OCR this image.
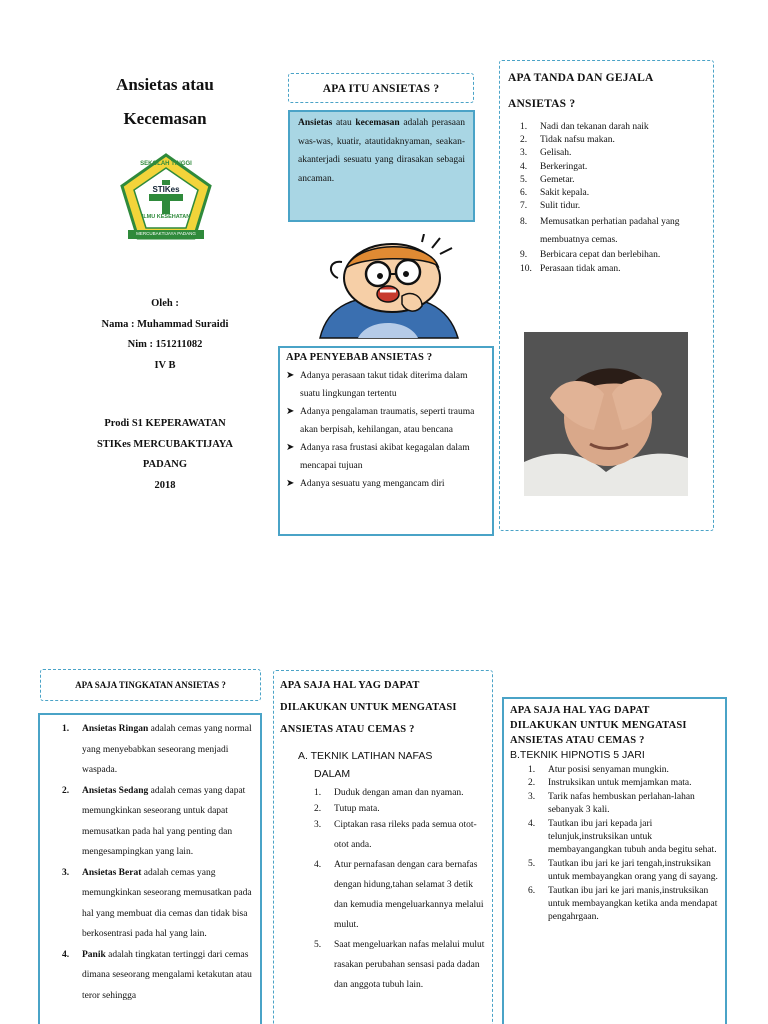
Ansietas atau
Kecemasan
STIKes
SEKOLAH TINGGI
ILMU KESEHATAN
MERCUBAKTIJAYA PADANG
Oleh :
Nama : Muhammad Suraidi
Nim : 151211082
IV B
Prodi S1 KEPERAWATAN
STIKes MERCUBAKTIJAYA
PADANG
2018
APA ITU ANSIETAS ?
Ansietas atau kecemasan adalah perasaan was-was, kuatir, atautidaknyaman, seakan-akanterjadi sesuatu yang dirasakan sebagai ancaman.
APA PENYEBAB ANSIETAS ?
➤ Adanya perasaan takut tidak diterima dalam suatu lingkungan tertentu
➤ Adanya pengalaman traumatis, seperti trauma akan berpisah, kehilangan, atau bencana
➤ Adanya rasa frustasi akibat kegagalan dalam mencapai tujuan
➤ Adanya sesuatu yang mengancam diri
APA TANDA DAN GEJALA
ANSIETAS ?
1. Nadi dan tekanan darah naik
2. Tidak nafsu makan.
3. Gelisah.
4. Berkeringat.
5. Gemetar.
6. Sakit kepala.
7. Sulit tidur.
8. Memusatkan perhatian padahal yang membuatnya cemas.
9. Berbicara cepat dan berlebihan.
10. Perasaan tidak aman.
APA SAJA TINGKATAN ANSIETAS ?
1. Ansietas Ringan adalah cemas yang normal yang menyebabkan seseorang menjadi waspada.
2. Ansietas Sedang adalah cemas yang dapat memungkinkan seseorang untuk dapat memusatkan pada hal yang penting dan mengesampingkan yang lain.
3. Ansietas Berat adalah cemas yang memungkinkan seseorang memusatkan pada hal yang membuat dia cemas dan tidak bisa berkosentrasi pada hal yang lain.
4. Panik adalah tingkatan tertinggi dari cemas dimana seseorang mengalami ketakutan atau teror sehingga
APA SAJA HAL YAG DAPAT
DILAKUKAN UNTUK MENGATASI
ANSIETAS ATAU CEMAS ?
A. TEKNIK LATIHAN NAFAS
DALAM
1. Duduk dengan aman dan nyaman.
2. Tutup mata.
3. Ciptakan rasa rileks pada semua otot-otot anda.
4. Atur pernafasan dengan cara bernafas dengan hidung,tahan selamat 3 detik dan kemudia mengeluarkannya melalui mulut.
5. Saat mengeluarkan nafas melalui mulut rasakan perubahan sensasi pada dadan dan anggota tubuh lain.
APA SAJA HAL YAG DAPAT
DILAKUKAN UNTUK MENGATASI
ANSIETAS ATAU CEMAS ?
B.TEKNIK HIPNOTIS 5 JARI
1. Atur posisi senyaman mungkin.
2. Instruksikan untuk memjamkan mata.
3. Tarik nafas hembuskan perlahan-lahan sebanyak 3 kali.
4. Tautkan ibu jari kepada jari telunjuk,instruksikan untuk membayangangkan tubuh anda begitu sehat.
5. Tautkan ibu jari ke jari tengah,instruksikan untuk membayangkan orang yang di sayang.
6. Tautkan ibu jari ke jari manis,instruksikan untuk membayangkan ketika anda mendapat pengahrgaan.
